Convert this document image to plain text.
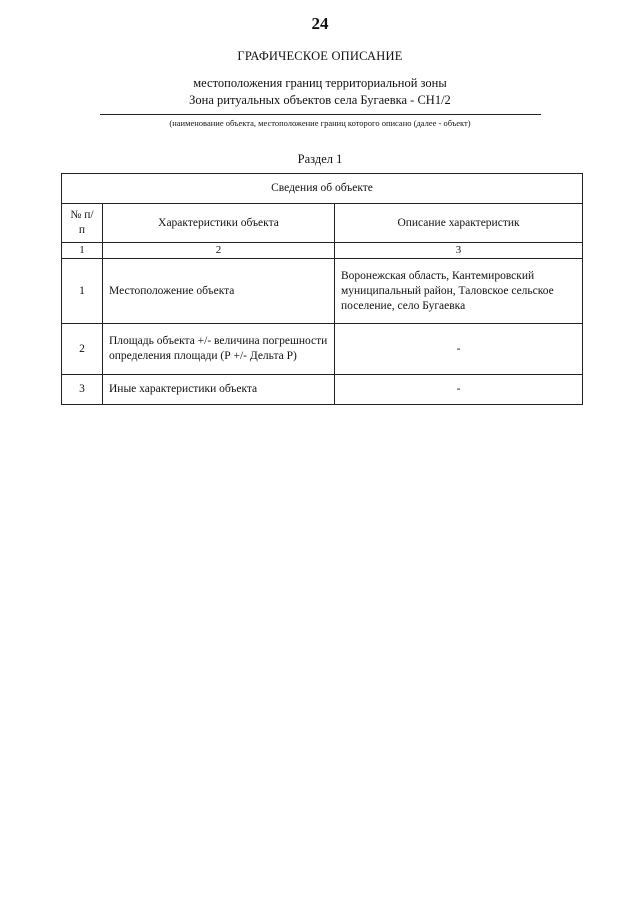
24
ГРАФИЧЕСКОЕ ОПИСАНИЕ
местоположения границ территориальной зоны
Зона ритуальных объектов села Бугаевка - СН1/2
(наименование объекта, местоположение границ которого описано (далее - объект)
Раздел 1
Сведения об объекте		
№ п/п	Характеристики объекта	Описание характеристик
1	2	3
1	Местоположение объекта	Воронежская область, Кантемировский муниципальный район, Таловское сельское поселение, село Бугаевка
2	Площадь объекта +/- величина погрешности определения площади (Р +/- Дельта Р)	-
3	Иные характеристики объекта	-
